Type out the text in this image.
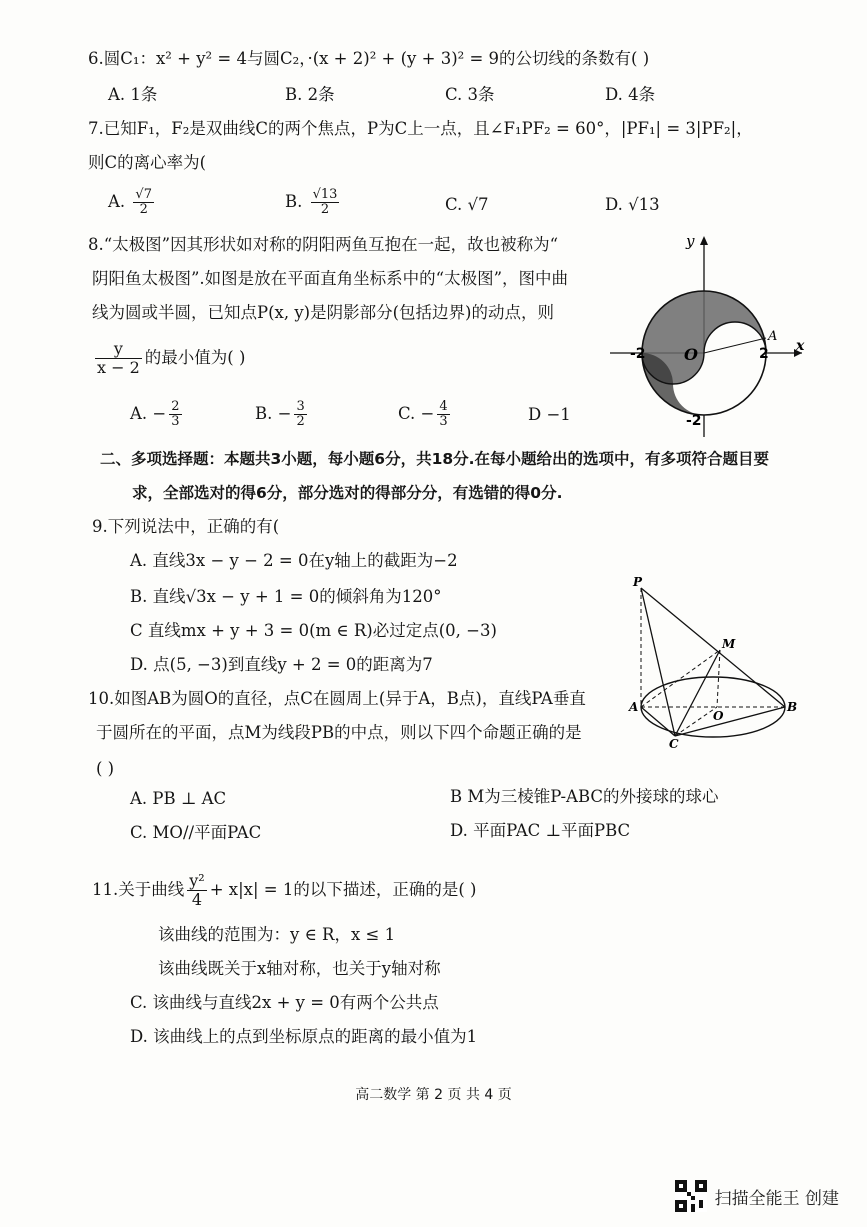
6.圆C₁：x² + y² = 4与圆C₂，·(x + 2)² + (y + 3)² = 9的公切线的条数有( )
A. 1条	B. 2条	C. 3条	D. 4条
7.已知F₁，F₂是双曲线C的两个焦点，P为C上一点，且∠F₁PF₂ = 60°，|PF₁| = 3|PF₂|，
则C的离心率为(
A. $\frac{√7}{2}$	B. $\frac{√13}{2}$	C. √7	D. √13
8.“太极图”因其形状如对称的阴阳两鱼互抱在一起，故也被称为“
阴阳鱼太极图”.如图是放在平面直角坐标系中的“太极图”，图中曲
线为圆或半圆，已知点P(x, y)是阴影部分(包括边界)的动点，则
$\frac{y}{x - 2}$ 的最小值为( )
A. − $\frac{2}{3}$	B. − $\frac{3}{2}$	C. − $\frac{4}{3}$	D −1
y
x
O
-2	2
-2
A
二、多项选择题：本题共3小题，每小题6分，共18分.在每小题给出的选项中，有多项符合题目要
求，全部选对的得6分，部分选对的得部分分，有选错的得0分.
9.下列说法中，正确的有(
A. 直线3x − y − 2 = 0在y轴上的截距为−2
B. 直线√3x − y + 1 = 0的倾斜角为120°
C 直线mx + y + 3 = 0(m ∈ R)必过定点(0, −3)
D. 点(5, −3)到直线y + 2 = 0的距离为7
P
M
A
O
B
C
10.如图AB为圆O的直径，点C在圆周上(异于A，B点)，直线PA垂直
于圆所在的平面，点M为线段PB的中点，则以下四个命题正确的是
( )
A. PB ⊥ AC	B M为三棱锥P-ABC的外接球的球心
C. MO//平面PAC	D. 平面PAC ⊥平面PBC
11.关于曲线 $\frac{\text{y²}}{4} + x|x| = 1$的以下描述，正确的是( )
该曲线的范围为：y ∈ R，x ≤ 1
该曲线既关于x轴对称，也关于y轴对称
C. 该曲线与直线2x + y = 0有两个公共点
D. 该曲线上的点到坐标原点的距离的最小值为1
高二数学 第 2 页 共 4 页
扫描全能王 创建
